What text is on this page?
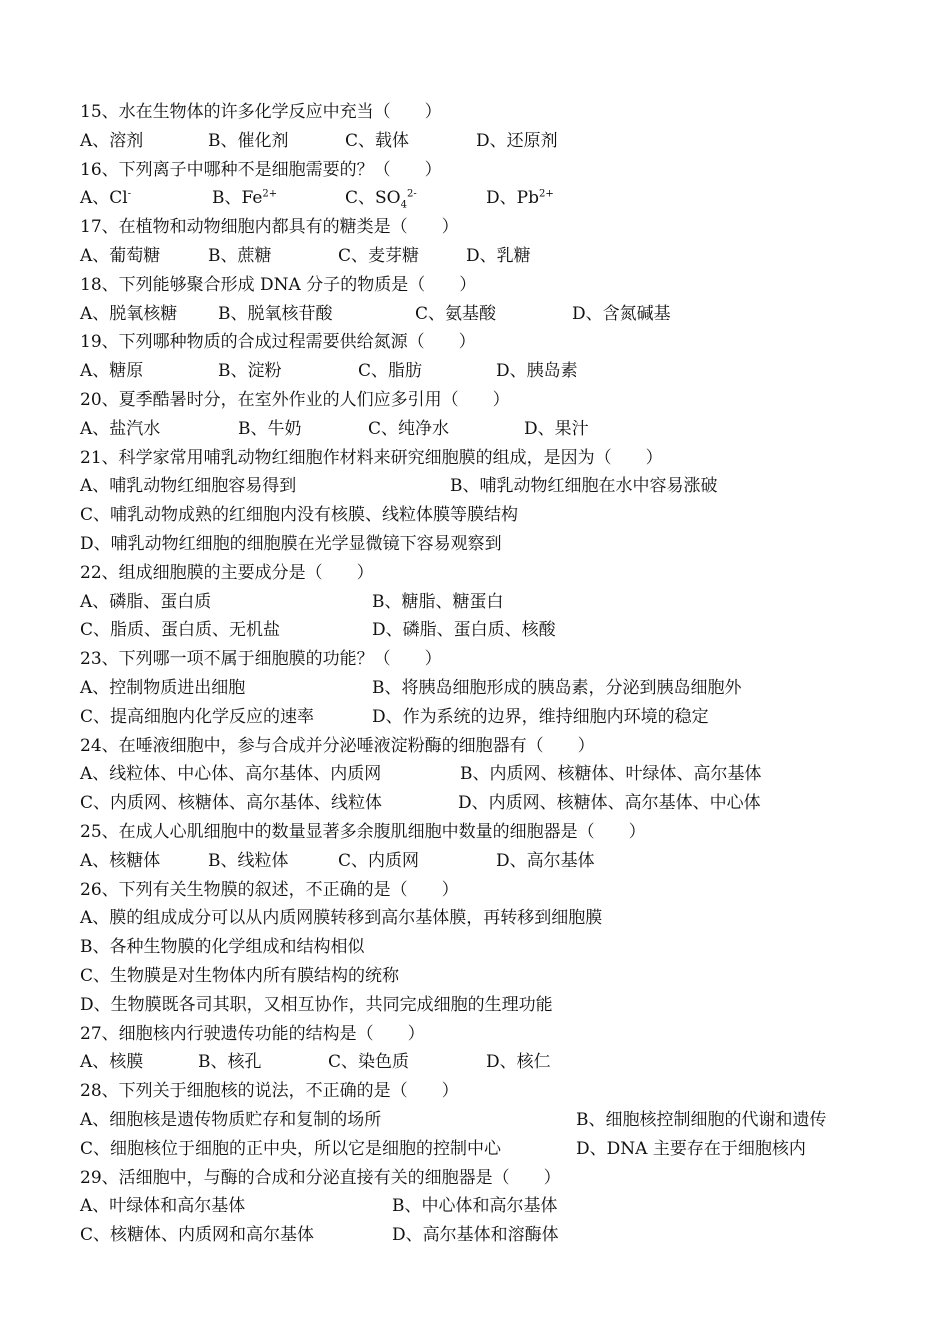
15、水在生物体的许多化学反应中充当（　　）
A、溶剂	B、催化剂	C、载体	D、还原剂
16、下列离子中哪种不是细胞需要的？（　　）
A、Cl-	B、$Fe^{2+}$	C、$SO_4^{2-}$	D、$Pb^{2+}$
17、在植物和动物细胞内都具有的糖类是（　　）
A、葡萄糖	B、蔗糖	C、麦芽糖	D、乳糖
18、下列能够聚合形成 DNA 分子的物质是（　　）
A、脱氧核糖 B、脱氧核苷酸	C、氨基酸	D、含氮碱基
19、下列哪种物质的合成过程需要供给氮源（　　）
A、糖原	B、淀粉	C、脂肪	D、胰岛素
20、夏季酷暑时分，在室外作业的人们应多引用（　　）
A、盐汽水	B、牛奶	C、纯净水	D、果汁
21、科学家常用哺乳动物红细胞作材料来研究细胞膜的组成，是因为（　　）
A、哺乳动物红细胞容易得到	B、哺乳动物红细胞在水中容易涨破
C、哺乳动物成熟的红细胞内没有核膜、线粒体膜等膜结构
D、哺乳动物红细胞的细胞膜在光学显微镜下容易观察到
22、组成细胞膜的主要成分是（　　）
A、磷脂、蛋白质	B、糖脂、糖蛋白
C、脂质、蛋白质、无机盐	D、磷脂、蛋白质、核酸
23、下列哪一项不属于细胞膜的功能？（　　）
A、控制物质进出细胞	B、将胰岛细胞形成的胰岛素，分泌到胰岛细胞外
C、提高细胞内化学反应的速率	D、作为系统的边界，维持细胞内环境的稳定
24、在唾液细胞中，参与合成并分泌唾液淀粉酶的细胞器有（　　）
A、线粒体、中心体、高尔基体、内质网	B、内质网、核糖体、叶绿体、高尔基体
C、内质网、核糖体、高尔基体、线粒体	D、内质网、核糖体、高尔基体、中心体
25、在成人心肌细胞中的数量显著多余腹肌细胞中数量的细胞器是（　　）
A、核糖体	B、线粒体	C、内质网	D、高尔基体
26、下列有关生物膜的叙述，不正确的是（　　）
A、膜的组成成分可以从内质网膜转移到高尔基体膜，再转移到细胞膜
B、各种生物膜的化学组成和结构相似
C、生物膜是对生物体内所有膜结构的统称
D、生物膜既各司其职，又相互协作，共同完成细胞的生理功能
27、细胞核内行驶遗传功能的结构是（　　）
A、核膜	B、核孔	C、染色质	D、核仁
28、下列关于细胞核的说法，不正确的是（　　）
A、细胞核是遗传物质贮存和复制的场所	B、细胞核控制细胞的代谢和遗传
C、细胞核位于细胞的正中央，所以它是细胞的控制中心	D、DNA 主要存在于细胞核内
29、活细胞中，与酶的合成和分泌直接有关的细胞器是（　　）
A、叶绿体和高尔基体	B、中心体和高尔基体
C、核糖体、内质网和高尔基体	D、高尔基体和溶酶体
